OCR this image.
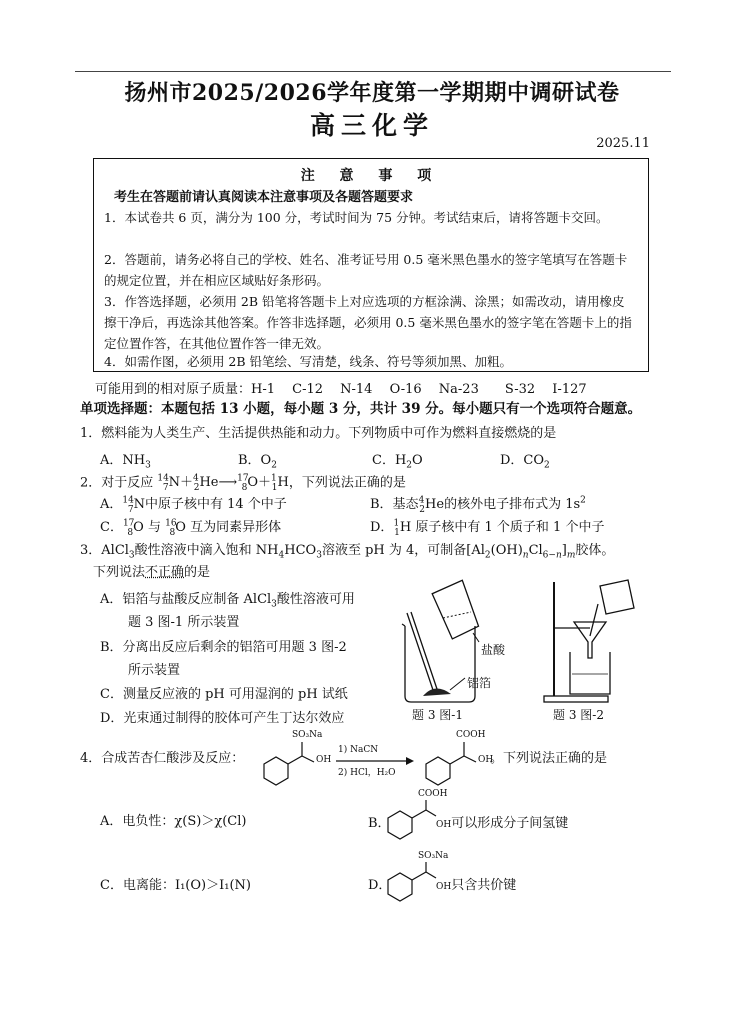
扬州市2025/2026学年度第一学期期中调研试卷
高三化学
2025.11
注 意 事 项
考生在答题前请认真阅读本注意事项及各题答题要求
1．本试卷共 6 页，满分为 100 分，考试时间为 75 分钟。考试结束后，请将答题卡交回。
2．答题前，请务必将自己的学校、姓名、准考证号用 0.5 毫米黑色墨水的签字笔填写在答题卡的规定位置，并在相应区域贴好条形码。
3．作答选择题，必须用 2B 铅笔将答题卡上对应选项的方框涂满、涂黑；如需改动，请用橡皮擦干净后，再选涂其他答案。作答非选择题，必须用 0.5 毫米黑色墨水的签字笔在答题卡上的指定位置作答，在其他位置作答一律无效。
4．如需作图，必须用 2B 铅笔绘、写清楚，线条、符号等须加黑、加粗。
可能用到的相对原子质量：H-1　 C-12　 N-14　 O-16　 Na-23　　S-32　 I-127
单项选择题：本题包括 13 小题，每小题 3 分，共计 39 分。每小题只有一个选项符合题意。
1．燃料能为人类生产、生活提供热能和动力。下列物质中可作为燃料直接燃烧的是
A．$NH_3$	B．$O_2$	C．$H_2O$	D．$CO_2$
2．对于反应 $^{14}_7$N＋$^4_2$He⟶$^{17}_8$O＋$^1_1$H，下列说法正确的是
A．$^{14}_7$N中原子核中有 14 个中子	B．基态$^4_2$He的核外电子排布式为 $1s^2$
C．$^{17}_8$O 与 $^{16}_8$O 互为同素异形体	D．$^1_1$H 原子核中有 1 个质子和 1 个中子
3．AlCl$_3$酸性溶液中滴入饱和 $NH_4HCO_3$溶液至 pH 为 4，可制备$[Al_2(OH)_nCl_{6-n}]_m$胶体。
下列说法不正确的是
A．铝箔与盐酸反应制备 AlCl$_3$酸性溶液可用
题 3 图-1 所示装置
B．分离出反应后剩余的铝箔可用题 3 图-2
所示装置
C．测量反应液的 pH 可用湿润的 pH 试纸
D．光束通过制得的胶体可产生丁达尔效应
盐酸
铝箔
题 3 图-1	题 3 图-2
4．合成苦杏仁酸涉及反应：
SO₃Na
OH
1) NaCN
2) HCl，H₂O
COOH
OH
。下列说法正确的是
A．电负性：χ(S)＞χ(Cl)	B．
COOH
OH可以形成分子间氢键
C．电离能：I₁(O)＞I₁(N)	D．
SO₃Na
OH只含共价键
